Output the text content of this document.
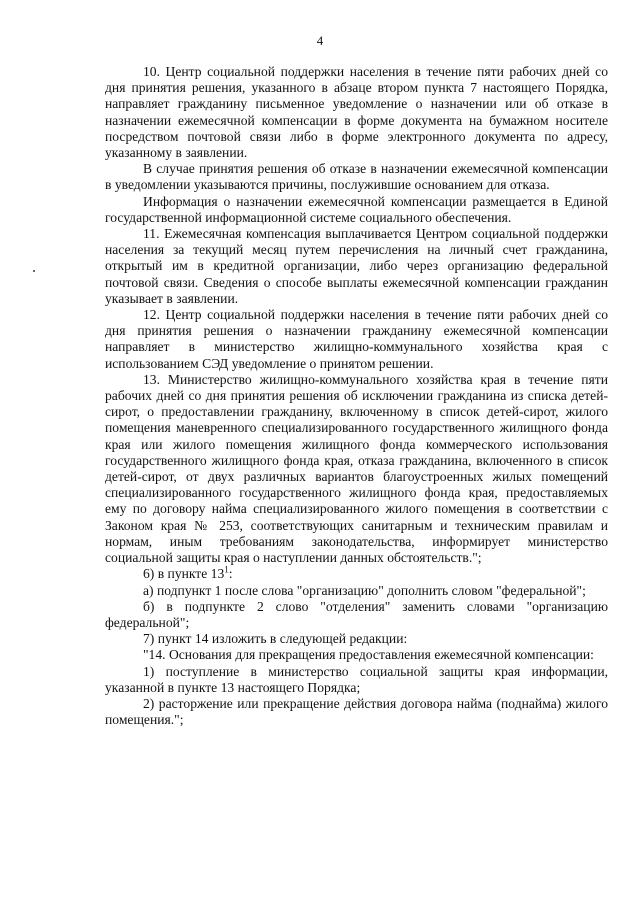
4

10. Центр социальной поддержки населения в течение пяти рабочих дней со дня принятия решения, указанного в абзаце втором пункта 7 настоящего Порядка, направляет гражданину письменное уведомление о назначении или об отказе в назначении ежемесячной компенсации в форме документа на бумажном носителе посредством почтовой связи либо в форме электронного документа по адресу, указанному в заявлении.

В случае принятия решения об отказе в назначении ежемесячной компенсации в уведомлении указываются причины, послужившие основанием для отказа.

Информация о назначении ежемесячной компенсации размещается в Единой государственной информационной системе социального обеспечения.

11. Ежемесячная компенсация выплачивается Центром социальной поддержки населения за текущий месяц путем перечисления на личный счет гражданина, открытый им в кредитной организации, либо через организацию федеральной почтовой связи. Сведения о способе выплаты ежемесячной компенсации гражданин указывает в заявлении.

12. Центр социальной поддержки населения в течение пяти рабочих дней со дня принятия решения о назначении гражданину ежемесячной компенсации направляет в министерство жилищно-коммунального хозяйства края с использованием СЭД уведомление о принятом решении.

13. Министерство жилищно-коммунального хозяйства края в течение пяти рабочих дней со дня принятия решения об исключении гражданина из списка детей-сирот, о предоставлении гражданину, включенному в список детей-сирот, жилого помещения маневренного специализированного государственного жилищного фонда края или жилого помещения жилищного фонда коммерческого использования государственного жилищного фонда края, отказа гражданина, включенного в список детей-сирот, от двух различных вариантов благоустроенных жилых помещений специализированного государственного жилищного фонда края, предоставляемых ему по договору найма специализированного жилого помещения в соответствии с Законом края № 253, соответствующих санитарным и техническим правилам и нормам, иным требованиям законодательства, информирует министерство социальной защиты края о наступлении данных обстоятельств.";

6) в пункте $13^1$:

а) подпункт 1 после слова "организацию" дополнить словом "федеральной";

б) в подпункте 2 слово "отделения" заменить словами "организацию федеральной";

7) пункт 14 изложить в следующей редакции:

"14. Основания для прекращения предоставления ежемесячной компенсации:

1) поступление в министерство социальной защиты края информации, указанной в пункте 13 настоящего Порядка;

2) расторжение или прекращение действия договора найма (поднайма) жилого помещения.";
